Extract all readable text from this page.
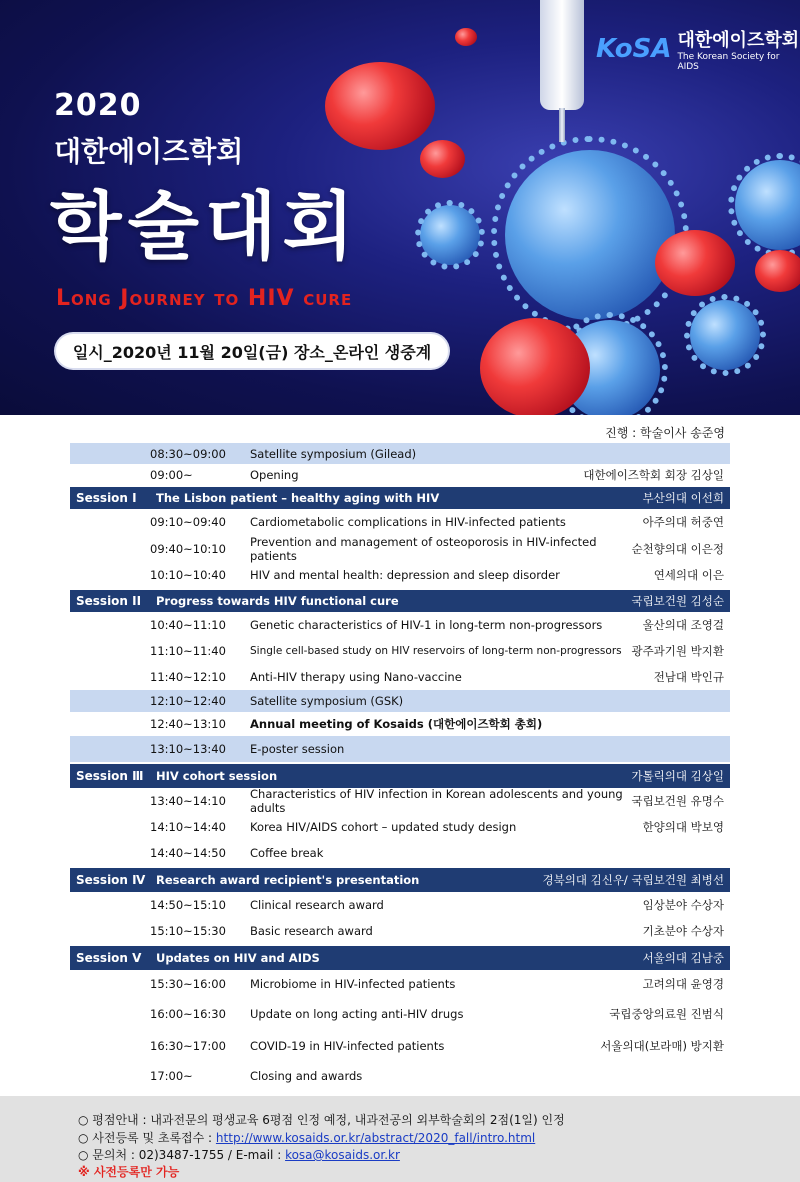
KoSA 대한에이즈학회
The Korean Society for AIDS
2020
대한에이즈학회
학술대회
Long Journey to HIV cure
일시_2020년 11월 20일(금) 장소_온라인 생중계
진행 : 학술이사 송준영
08:30~09:00	Satellite symposium (Gilead)
09:00~	Opening	대한에이즈학회 회장 김상일
Session Ⅰ	The Lisbon patient – healthy aging with HIV	부산의대 이선희
09:10~09:40	Cardiometabolic complications in HIV-infected patients	아주의대 허중연
09:40~10:10	Prevention and management of osteoporosis in HIV-infected patients	순천향의대 이은정
10:10~10:40	HIV and mental health: depression and sleep disorder	연세의대 이은
Session II	Progress towards HIV functional cure	국립보건원 김성순
10:40~11:10	Genetic characteristics of HIV-1 in long-term non-progressors	울산의대 조영걸
11:10~11:40	Single cell-based study on HIV reservoirs of long-term non-progressors 광주과기원 박지환
11:40~12:10	Anti-HIV therapy using Nano-vaccine	전남대 박인규
12:10~12:40	Satellite symposium (GSK)
12:40~13:10	Annual meeting of Kosaids (대한에이즈학회 총회)
13:10~13:40	E-poster session
Session Ⅲ	HIV cohort session	가톨릭의대 김상일
13:40~14:10	Characteristics of HIV infection in Korean adolescents and young adults	국립보건원 유명수
14:10~14:40	Korea HIV/AIDS cohort – updated study design	한양의대 박보영
14:40~14:50	Coffee break
Session Ⅳ Research award recipient's presentation	경북의대 김신우/ 국립보건원 최병선
14:50~15:10	Clinical research award	임상분야 수상자
15:10~15:30	Basic research award	기초분야 수상자
Session Ⅴ	Updates on HIV and AIDS	서울의대 김남중
15:30~16:00	Microbiome in HIV-infected patients	고려의대 윤영경
16:00~16:30	Update on long acting anti-HIV drugs	국립중앙의료원 진범식
16:30~17:00	COVID-19 in HIV-infected patients	서울의대(보라매) 방지환
17:00~	Closing and awards
○ 평점안내 : 내과전문의 평생교육 6평점 인정 예정, 내과전공의 외부학술회의 2점(1일) 인정
○ 사전등록 및 초록접수 : http://www.kosaids.or.kr/abstract/2020_fall/intro.html
○ 문의처 : 02)3487-1755 / E-mail : kosa@kosaids.or.kr
※ 사전등록만 가능
